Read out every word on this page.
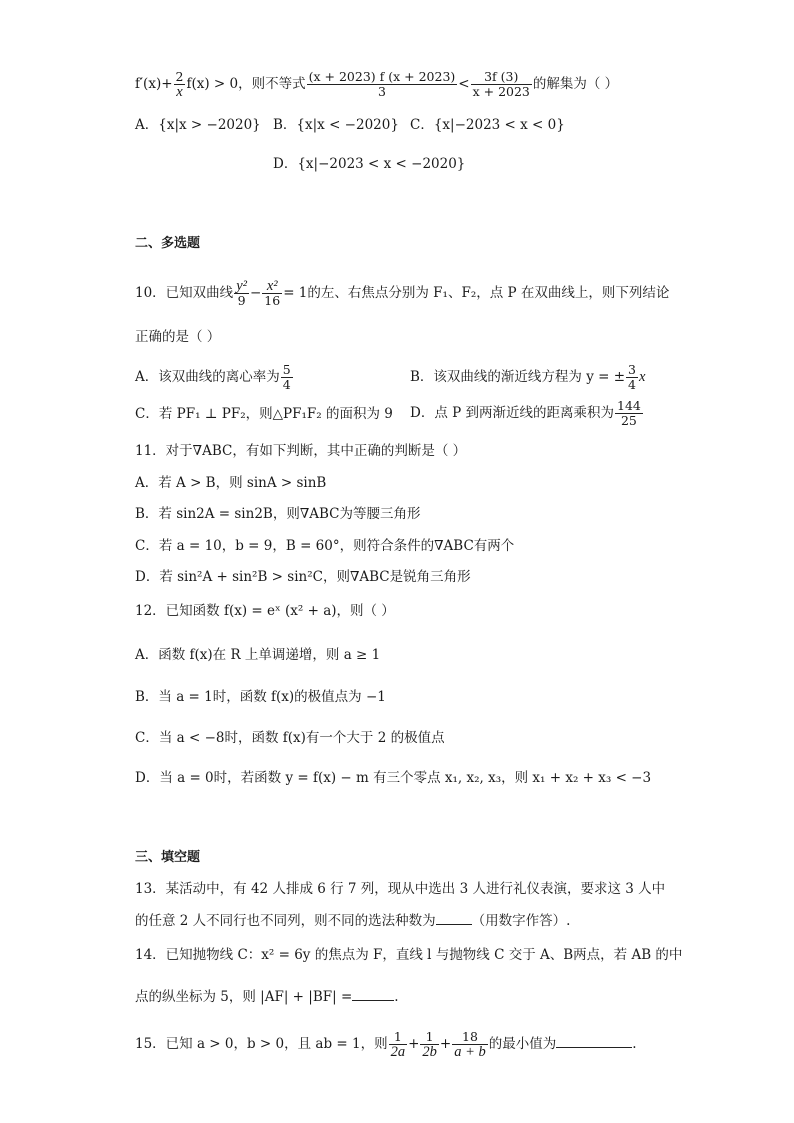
$f'(x)+ \frac{2}{x} f(x) > 0$，则不等式 $\frac{(x + 2023) f (x + 2023)}{3} < \frac{3f (3)}{x + 2023}$ 的解集为（ ）
A．{x|x > −2020} B．{x|x < −2020} C．{x|−2023 < x < 0}
D．{x|−2023 < x < −2020}
二、多选题
10．已知双曲线 $\frac{\text{y²}}{9} - \frac{\text{x²}}{16} = 1$的左、右焦点分别为 F₁、F₂，点 P 在双曲线上，则下列结论
正确的是（ ）
A．该双曲线的离心率为 $\frac{5}{4}$	B．该双曲线的渐近线方程为 y = ± $\frac{3}{4}$ x
C．若 PF₁ ⊥ PF₂，则△PF₁F₂ 的面积为 9 D．点 P 到两渐近线的距离乘积为 $\frac{144}{25}$
11．对于∇ABC，有如下判断，其中正确的判断是（ ）
A．若 A > B，则 sinA > sinB
B．若 sin2A = sin2B，则∇ABC为等腰三角形
C．若 a = 10，b = 9，B = 60°，则符合条件的∇ABC有两个
D．若 sin²A + sin²B > sin²C，则∇ABC是锐角三角形
12．已知函数 f(x) = eˣ (x² + a)，则（ ）
A．函数 f(x)在 R 上单调递增，则 a ≥ 1
B．当 a = 1时，函数 f(x)的极值点为 −1
C．当 a < −8时，函数 f(x)有一个大于 2 的极值点
D．当 a = 0时，若函数 y = f(x) − m 有三个零点 x₁, x₂, x₃，则 x₁ + x₂ + x₃ < −3
三、填空题
13．某活动中，有 42 人排成 6 行 7 列，现从中选出 3 人进行礼仪表演，要求这 3 人中
的任意 2 人不同行也不同列，则不同的选法种数为	（用数字作答）.
14．已知抛物线 C：x² = 6y 的焦点为 F，直线 l 与抛物线 C 交于 A、B两点，若 AB 的中
点的纵坐标为 5，则 |AF| + |BF| =	.
15．已知 a > 0，b > 0，且 ab = 1，则 $\frac{1}{2a} + \frac{1}{2b} + \frac{18}{a + b}$ 的最小值为	.
